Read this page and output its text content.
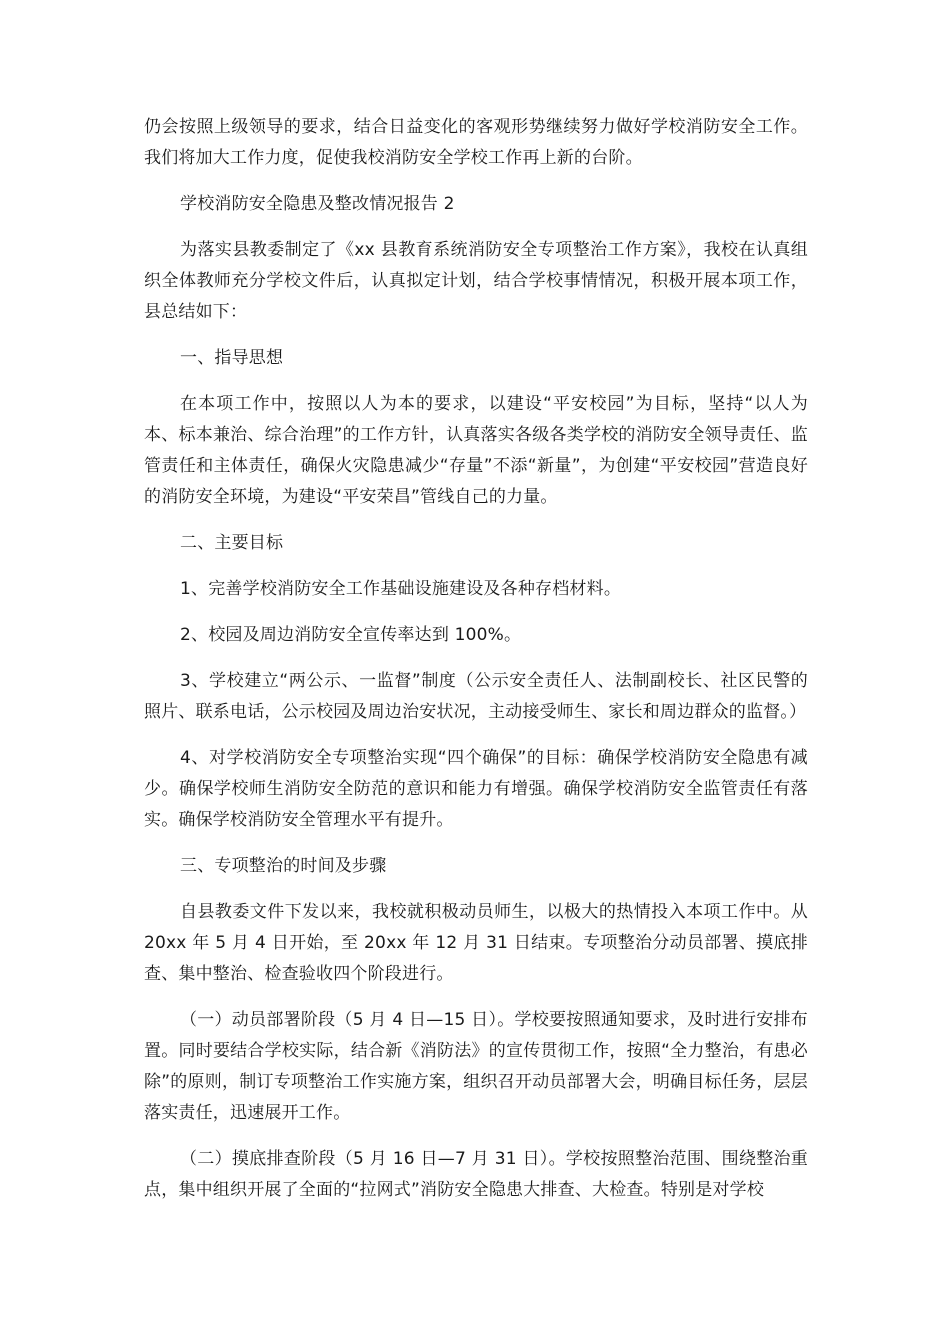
仍会按照上级领导的要求，结合日益变化的客观形势继续努力做好学校消防安全工作。我们将加大工作力度，促使我校消防安全学校工作再上新的台阶。

学校消防安全隐患及整改情况报告 2

为落实县教委制定了《xx 县教育系统消防安全专项整治工作方案》，我校在认真组织全体教师充分学校文件后，认真拟定计划，结合学校事情情况，积极开展本项工作，县总结如下：

一、指导思想

在本项工作中，按照以人为本的要求，以建设“平安校园”为目标，坚持“以人为本、标本兼治、综合治理”的工作方针，认真落实各级各类学校的消防安全领导责任、监管责任和主体责任，确保火灾隐患减少“存量”不添“新量”，为创建“平安校园”营造良好的消防安全环境，为建设“平安荣昌”管线自己的力量。

二、主要目标

1、完善学校消防安全工作基础设施建设及各种存档材料。

2、校园及周边消防安全宣传率达到 100%。

3、学校建立“两公示、一监督”制度（公示安全责任人、法制副校长、社区民警的照片、联系电话，公示校园及周边治安状况，主动接受师生、家长和周边群众的监督。）

4、对学校消防安全专项整治实现“四个确保”的目标：确保学校消防安全隐患有减少。确保学校师生消防安全防范的意识和能力有增强。确保学校消防安全监管责任有落实。确保学校消防安全管理水平有提升。

三、专项整治的时间及步骤

自县教委文件下发以来，我校就积极动员师生，以极大的热情投入本项工作中。从 20xx 年 5 月 4 日开始，至 20xx 年 12 月 31 日结束。专项整治分动员部署、摸底排查、集中整治、检查验收四个阶段进行。

（一）动员部署阶段（5 月 4 日—15 日）。学校要按照通知要求，及时进行安排布置。同时要结合学校实际，结合新《消防法》的宣传贯彻工作，按照“全力整治，有患必除”的原则，制订专项整治工作实施方案，组织召开动员部署大会，明确目标任务，层层落实责任，迅速展开工作。

（二）摸底排查阶段（5 月 16 日—7 月 31 日）。学校按照整治范围、围绕整治重点，集中组织开展了全面的“拉网式”消防安全隐患大排查、大检查。特别是对学校
